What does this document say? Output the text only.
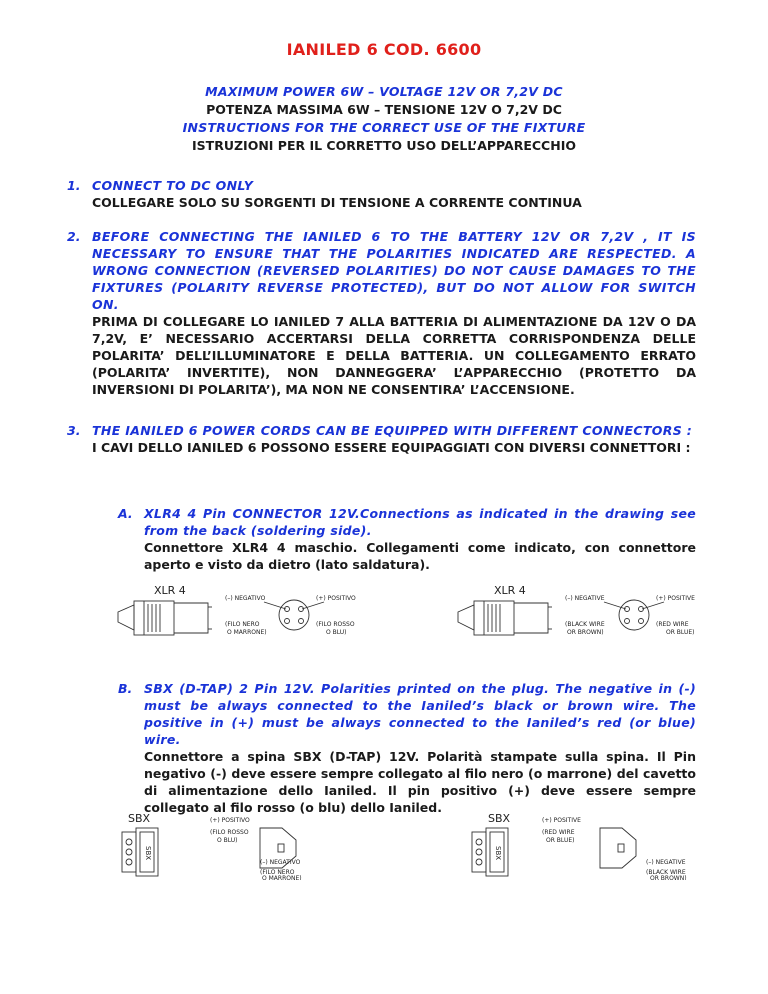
IANILED 6 COD. 6600
MAXIMUM POWER 6W – VOLTAGE 12V OR 7,2V DC
POTENZA MASSIMA 6W – TENSIONE 12V O 7,2V DC
INSTRUCTIONS FOR THE CORRECT USE OF THE FIXTURE
ISTRUZIONI PER IL CORRETTO USO DELL’APPARECCHIO
1. CONNECT TO DC ONLY
COLLEGARE SOLO SU SORGENTI DI TENSIONE A CORRENTE CONTINUA
2. BEFORE CONNECTING THE IANILED 6 TO THE BATTERY 12V OR 7,2V , IT IS NECESSARY TO ENSURE THAT THE POLARITIES INDICATED ARE RESPECTED. A WRONG CONNECTION (REVERSED POLARITIES) DO NOT CAUSE DAMAGES TO THE FIXTURES (POLARITY REVERSE PROTECTED), BUT DO NOT ALLOW FOR SWITCH ON.
PRIMA DI COLLEGARE LO IANILED 7 ALLA BATTERIA DI ALIMENTAZIONE DA 12V O DA 7,2V, E’ NECESSARIO ACCERTARSI DELLA CORRETTA CORRISPONDENZA DELLE POLARITA’ DELL’ILLUMINATORE E DELLA BATTERIA. UN COLLEGAMENTO ERRATO (POLARITA’ INVERTITE), NON DANNEGGERA’ L’APPARECCHIO (PROTETTO DA INVERSIONI DI POLARITA’), MA NON NE CONSENTIRA’ L’ACCENSIONE.
3. THE IANILED 6 POWER CORDS CAN BE EQUIPPED WITH DIFFERENT CONNECTORS :
I CAVI DELLO IANILED 6 POSSONO ESSERE EQUIPAGGIATI CON DIVERSI CONNETTORI :
A. XLR4 4 Pin CONNECTOR 12V.Connections as indicated in the drawing see from the back (soldering side).
Connettore XLR4 4 maschio. Collegamenti come indicato, con connettore aperto e visto da dietro (lato saldatura).
XLR 4
(–) NEGATIVO
(FILO NERO
O MARRONE)
(+) POSITIVO
(FILO ROSSO
O BLU)
XLR 4
(–) NEGATIVE
(BLACK WIRE
OR BROWN)
(+) POSITIVE
(RED WIRE
OR BLUE)
B. SBX (D-TAP) 2 Pin 12V. Polarities printed on the plug. The negative in (-) must be always connected to the Ianiled’s black or brown wire. The positive in (+) must be always connected to the Ianiled’s red (or blue) wire.
Connettore a spina SBX (D-TAP) 12V. Polarità stampate sulla spina. Il Pin negativo (-) deve essere sempre collegato al filo nero (o marrone) del cavetto di alimentazione dello Ianiled. Il pin positivo (+) deve essere sempre collegato al filo rosso (o blu) dello Ianiled.
SBX
SBX
(+) POSITIVO
(FILO ROSSO
O BLU)
(–) NEGATIVO
(FILO NERO
O MARRONE)
SBX
SBX
(+) POSITIVE
(RED WIRE
OR BLUE)
(–) NEGATIVE
(BLACK WIRE
OR BROWN)
